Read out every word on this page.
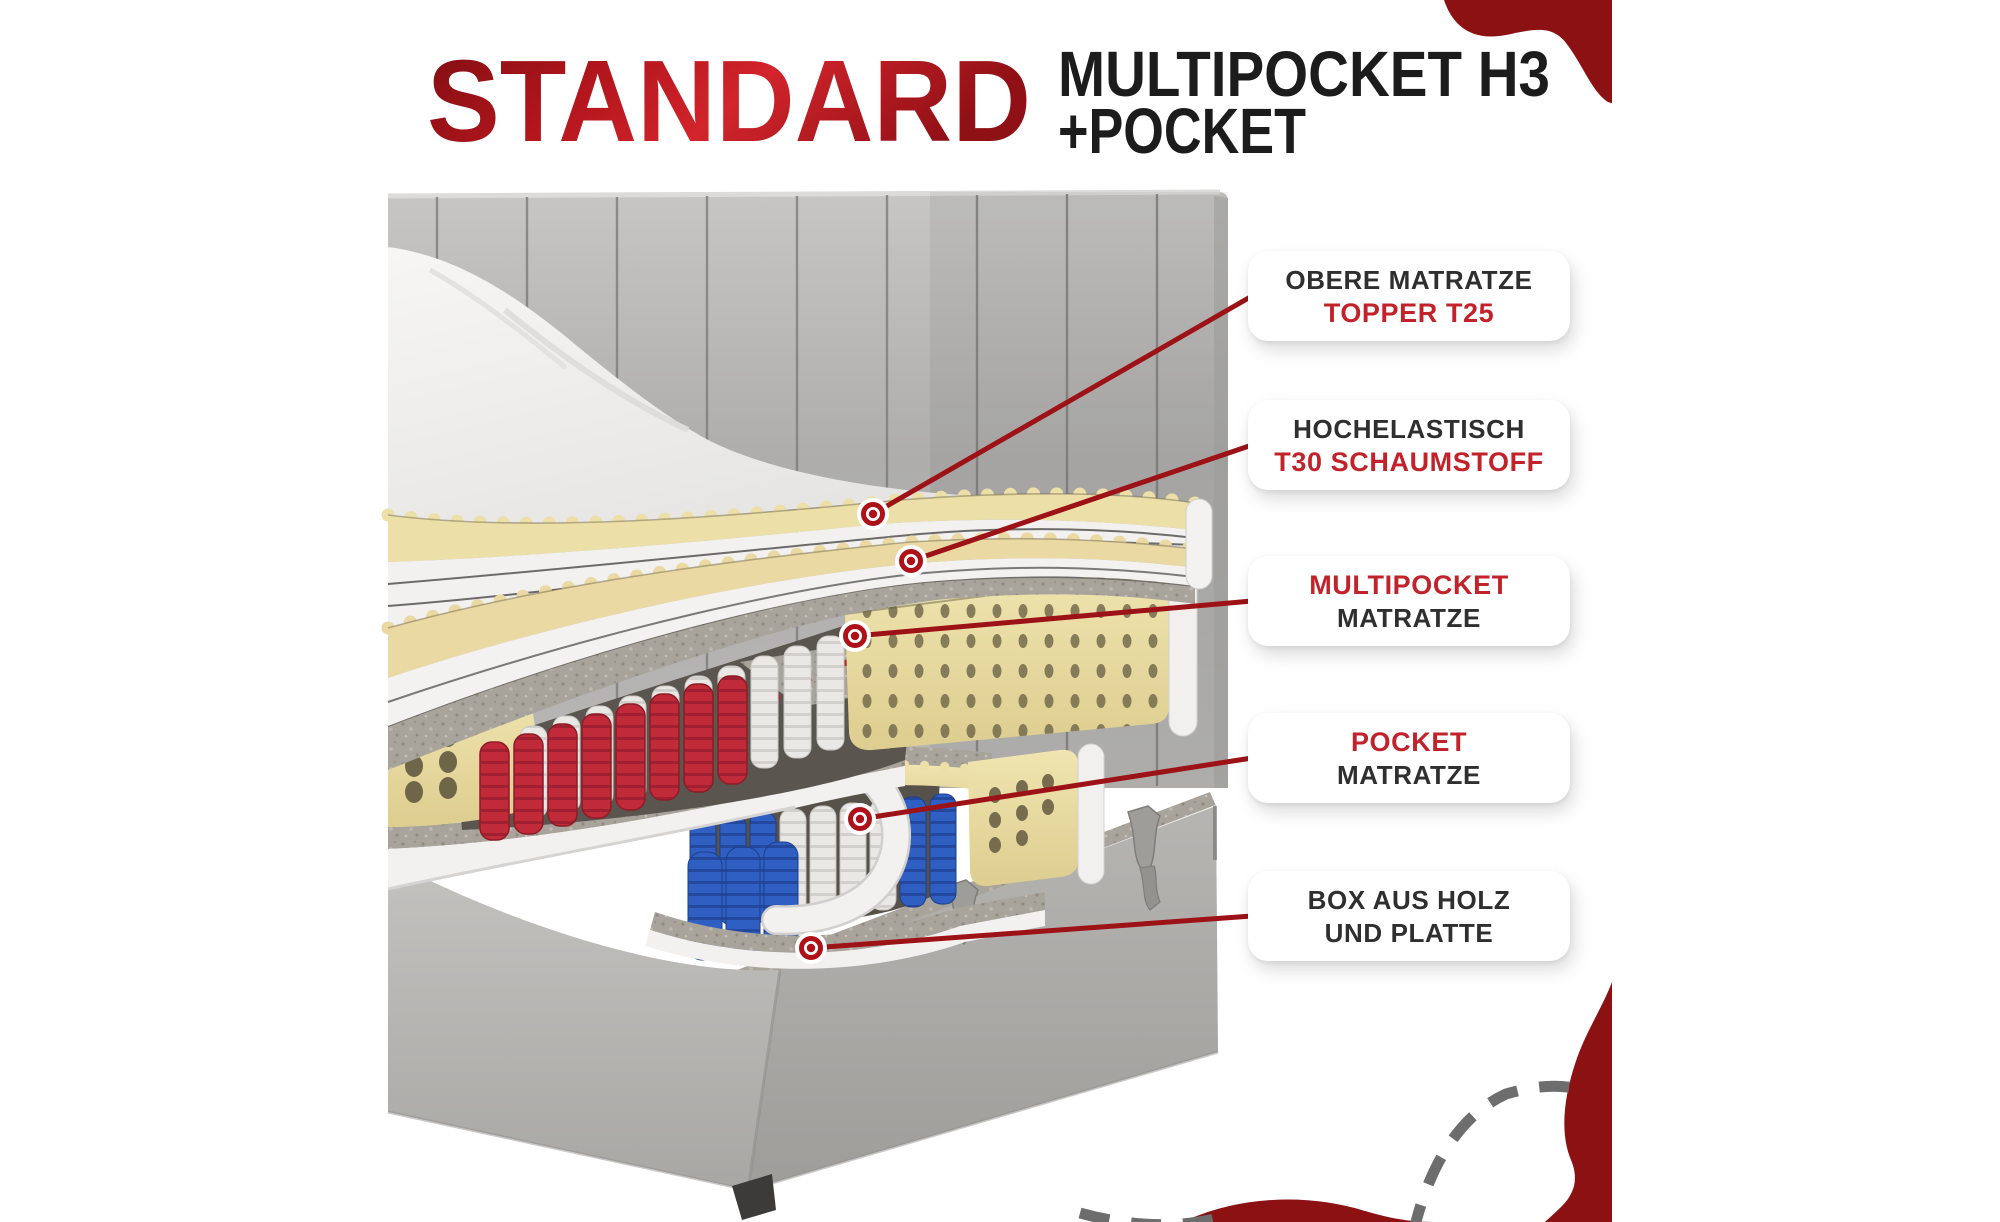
STANDARD MULTIPOCKET H3
+POCKET
OBERE MATRATZE
TOPPER T25
HOCHELASTISCH
T30 SCHAUMSTOFF
MULTIPOCKET
MATRATZE
POCKET
MATRATZE
BOX AUS HOLZ
UND PLATTE
